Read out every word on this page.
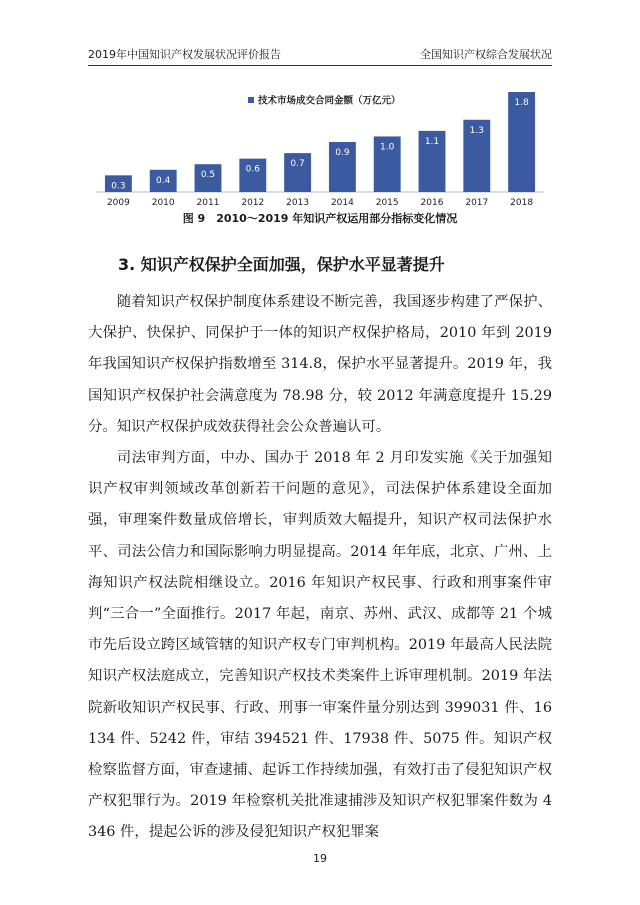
2019年中国知识产权发展状况评价报告	全国知识产权综合发展状况
技术市场成交合同金额（万亿元）
0.3
2009
0.4
2010
0.5
2011
0.6
2012
0.7
2013
0.9
2014
1.0
2015
1.1
2016
1.3
2017
1.8
2018
图 9　2010～2019 年知识产权运用部分指标变化情况
3. 知识产权保护全面加强，保护水平显著提升

随着知识产权保护制度体系建设不断完善，我国逐步构建了严保护、大保护、快保护、同保护于一体的知识产权保护格局，2010 年到 2019 年我国知识产权保护指数增至 314.8，保护水平显著提升。2019 年，我国知识产权保护社会满意度为 78.98 分，较 2012 年满意度提升 15.29 分。知识产权保护成效获得社会公众普遍认可。

司法审判方面，中办、国办于 2018 年 2 月印发实施《关于加强知识产权审判领域改革创新若干问题的意见》，司法保护体系建设全面加强，审理案件数量成倍增长，审判质效大幅提升，知识产权司法保护水平、司法公信力和国际影响力明显提高。2014 年年底，北京、广州、上海知识产权法院相继设立。2016 年知识产权民事、行政和刑事案件审判“三合一”全面推行。2017 年起，南京、苏州、武汉、成都等 21 个城市先后设立跨区域管辖的知识产权专门审判机构。2019 年最高人民法院知识产权法庭成立，完善知识产权技术类案件上诉审理机制。2019 年法院新收知识产权民事、行政、刑事一审案件量分别达到 399031 件、16134 件、5242 件，审结 394521 件、17938 件、5075 件。知识产权检察监督方面，审查逮捕、起诉工作持续加强，有效打击了侵犯知识产权产权犯罪行为。2019 年检察机关批准逮捕涉及知识产权犯罪案件数为 4346 件，提起公诉的涉及侵犯知识产权犯罪案

19
